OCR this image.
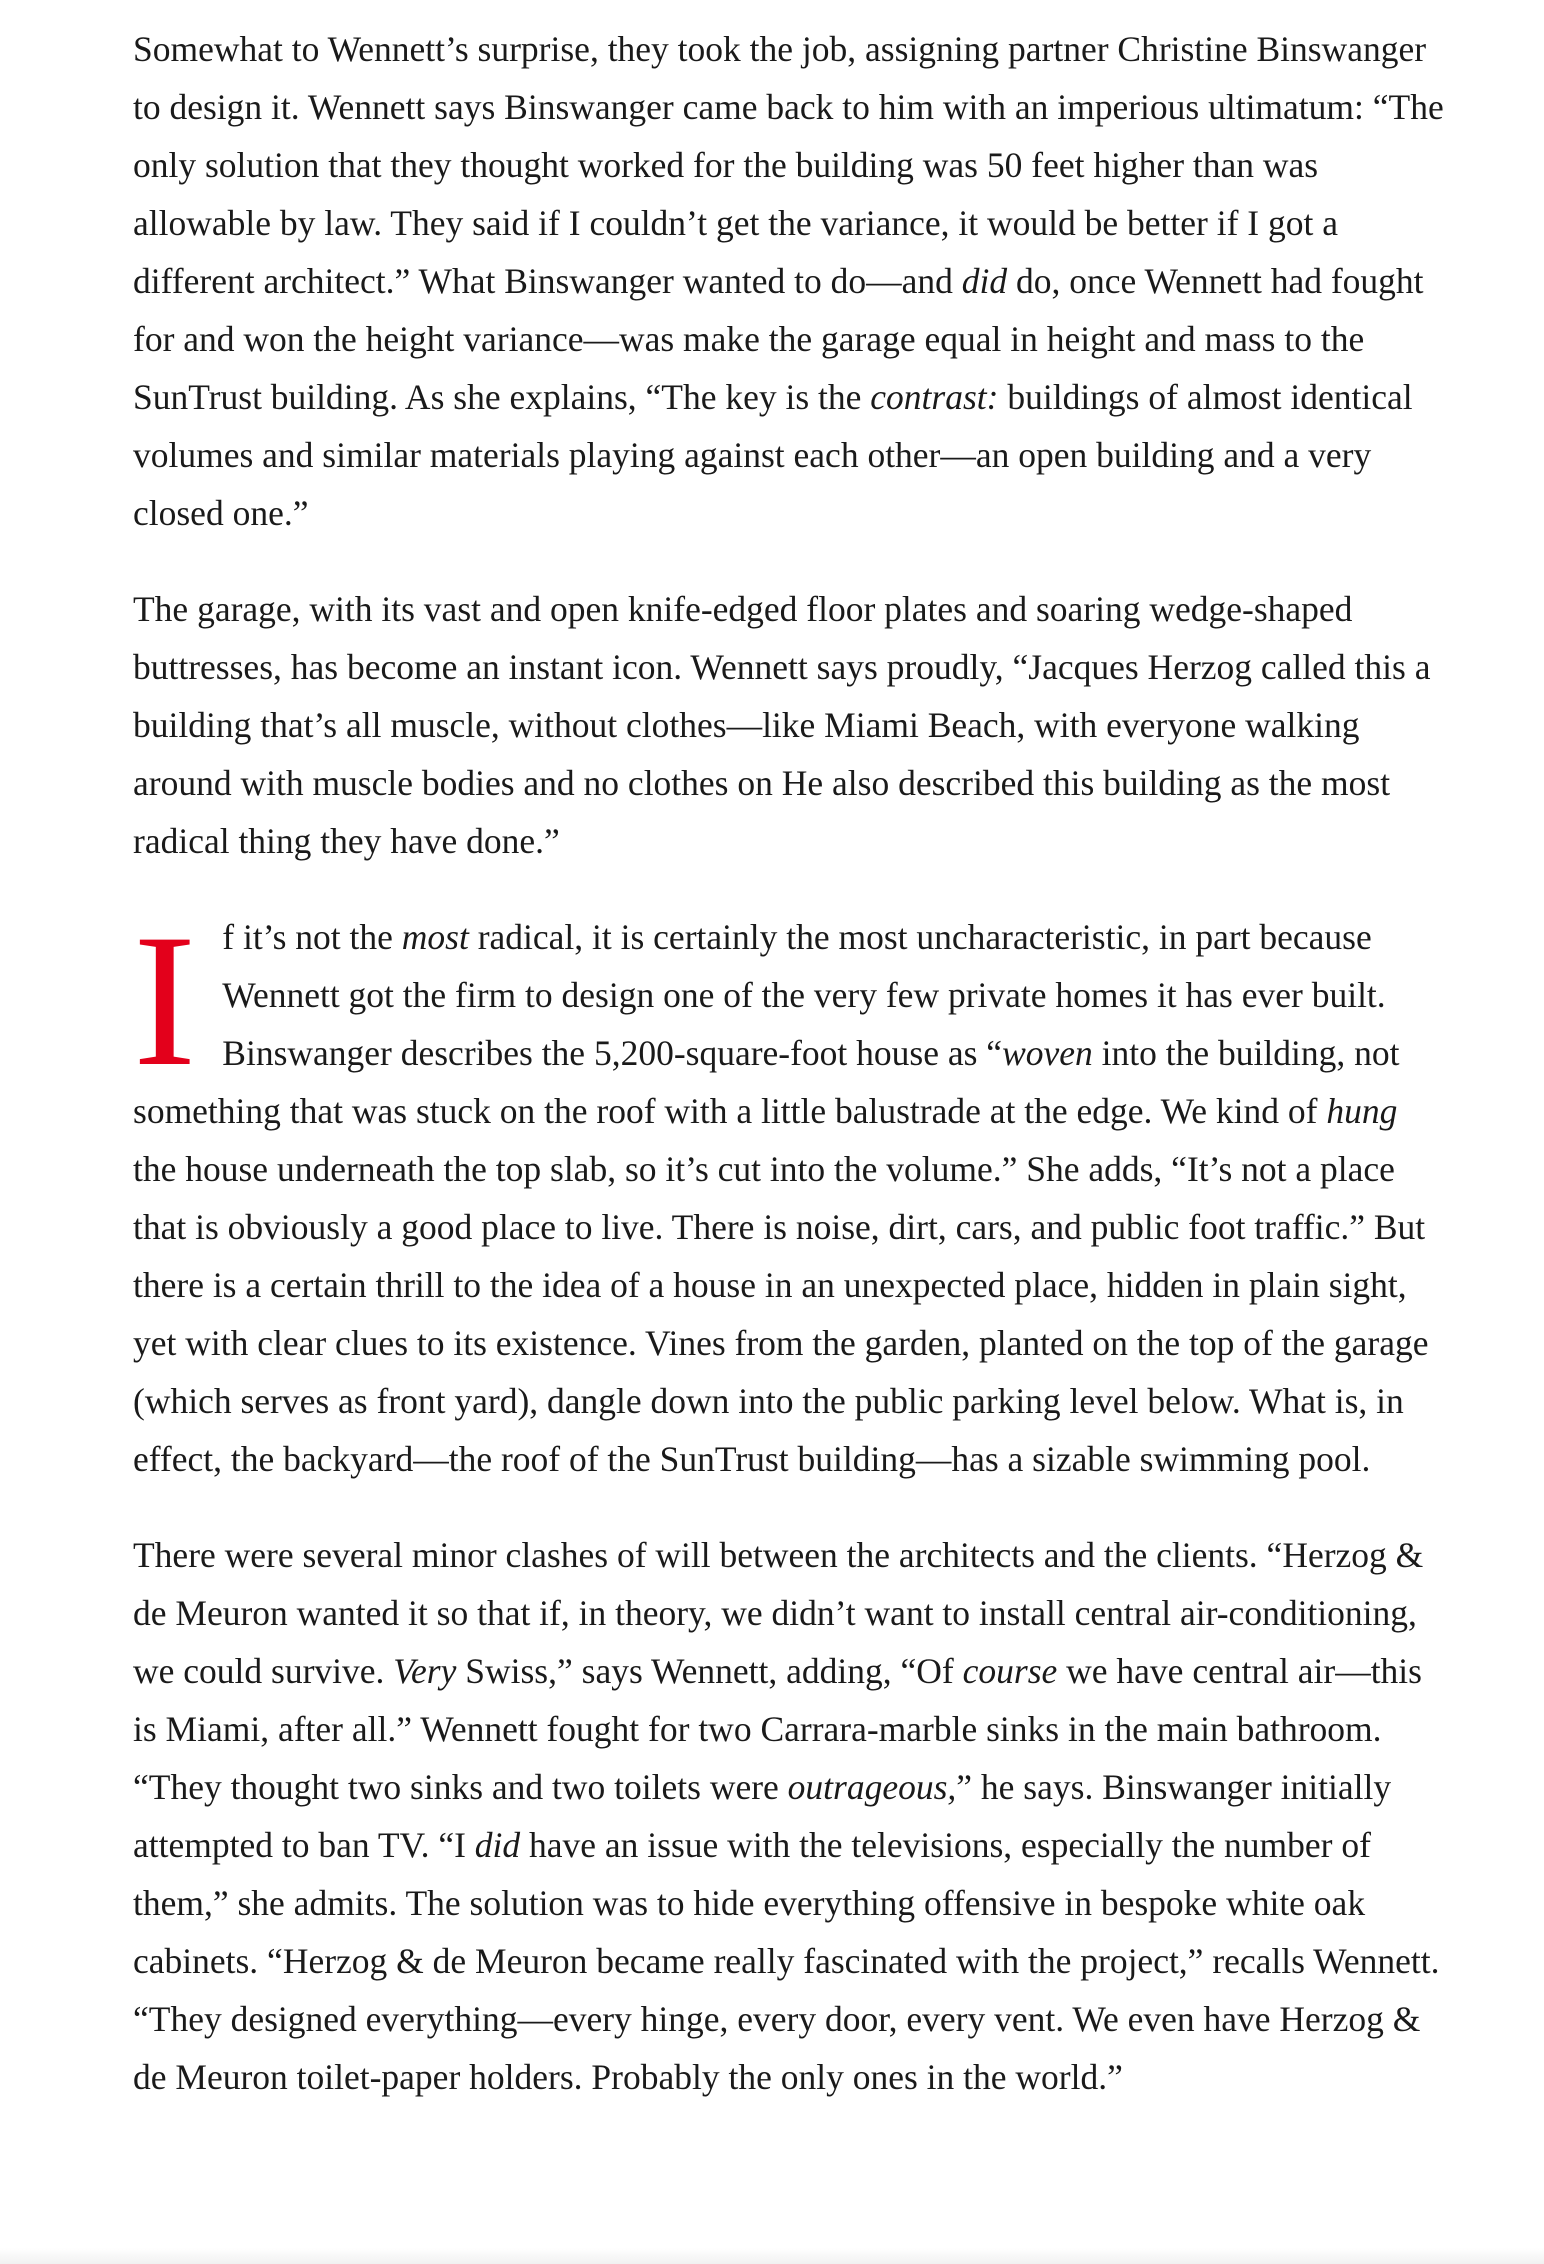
Somewhat to Wennett’s surprise, they took the job, assigning partner Christine Binswanger to design it. Wennett says Binswanger came back to him with an imperious ultimatum: “The only solution that they thought worked for the building was 50 feet higher than was allowable by law. They said if I couldn’t get the variance, it would be better if I got a different architect.” What Binswanger wanted to do—and did do, once Wennett had fought for and won the height variance—was make the garage equal in height and mass to the SunTrust building. As she explains, “The key is the contrast: buildings of almost identical volumes and similar materials playing against each other—an open building and a very closed one.”

The garage, with its vast and open knife-edged floor plates and soaring wedge-shaped buttresses, has become an instant icon. Wennett says proudly, “Jacques Herzog called this a building that’s all muscle, without clothes—like Miami Beach, with everyone walking around with muscle bodies and no clothes on He also described this building as the most radical thing they have done.”

If it’s not the most radical, it is certainly the most uncharacteristic, in part because Wennett got the firm to design one of the very few private homes it has ever built. Binswanger describes the 5,200-square-foot house as “woven into the building, not something that was stuck on the roof with a little balustrade at the edge. We kind of hung the house underneath the top slab, so it’s cut into the volume.” She adds, “It’s not a place that is obviously a good place to live. There is noise, dirt, cars, and public foot traffic.” But there is a certain thrill to the idea of a house in an unexpected place, hidden in plain sight, yet with clear clues to its existence. Vines from the garden, planted on the top of the garage (which serves as front yard), dangle down into the public parking level below. What is, in effect, the backyard—the roof of the SunTrust building—has a sizable swimming pool.

There were several minor clashes of will between the architects and the clients. “Herzog & de Meuron wanted it so that if, in theory, we didn’t want to install central air-conditioning, we could survive. Very Swiss,” says Wennett, adding, “Of course we have central air—this is Miami, after all.” Wennett fought for two Carrara-marble sinks in the main bathroom. “They thought two sinks and two toilets were outrageous,” he says. Binswanger initially attempted to ban TV. “I did have an issue with the televisions, especially the number of them,” she admits. The solution was to hide everything offensive in bespoke white oak cabinets. “Herzog & de Meuron became really fascinated with the project,” recalls Wennett. “They designed everything—every hinge, every door, every vent. We even have Herzog & de Meuron toilet-paper holders. Probably the only ones in the world.”
